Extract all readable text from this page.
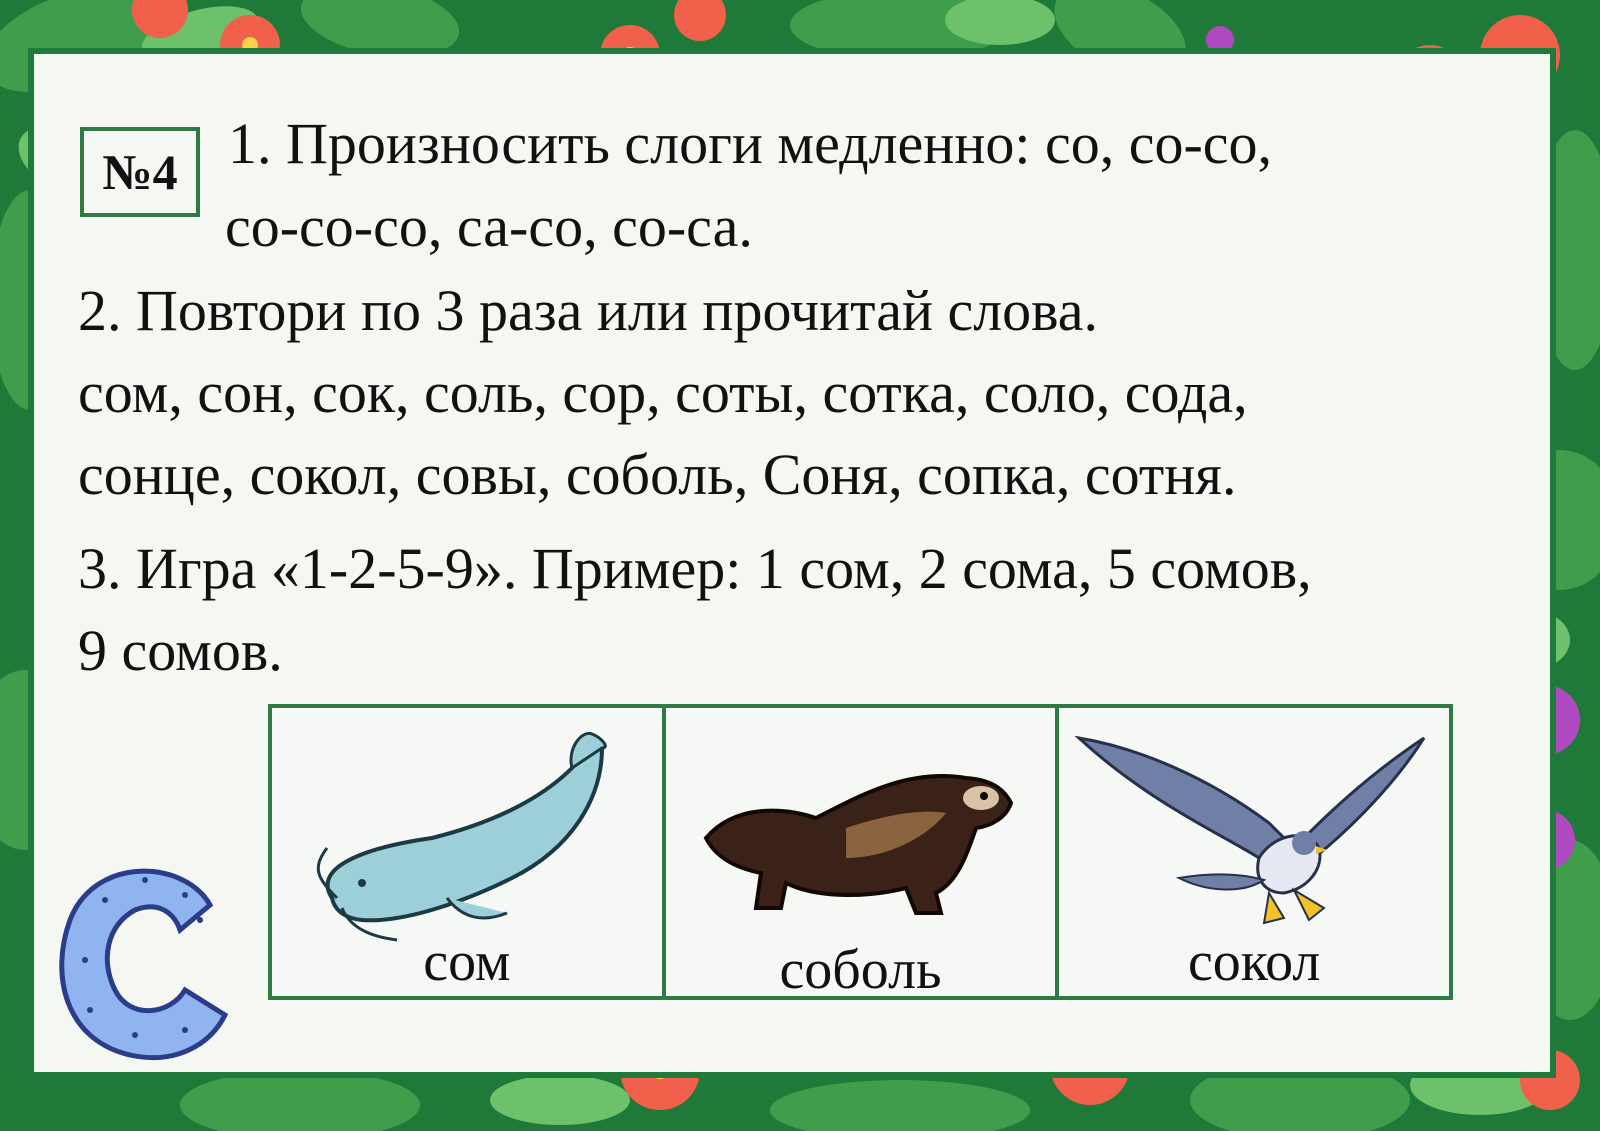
№4 1. Произносить слоги медленно: со, со-со,
со-со-со, са-со, со-са.
2. Повтори по 3 раза или прочитай слова.
сом, сон, сок, соль, сор, соты, сотка, соло, сода,
сонце, сокол, совы, соболь, Соня, сопка, сотня.
3. Игра «1-2-5-9». Пример: 1 сом, 2 сома, 5 сомов,
9 сомов.
сом	соболь	сокол
